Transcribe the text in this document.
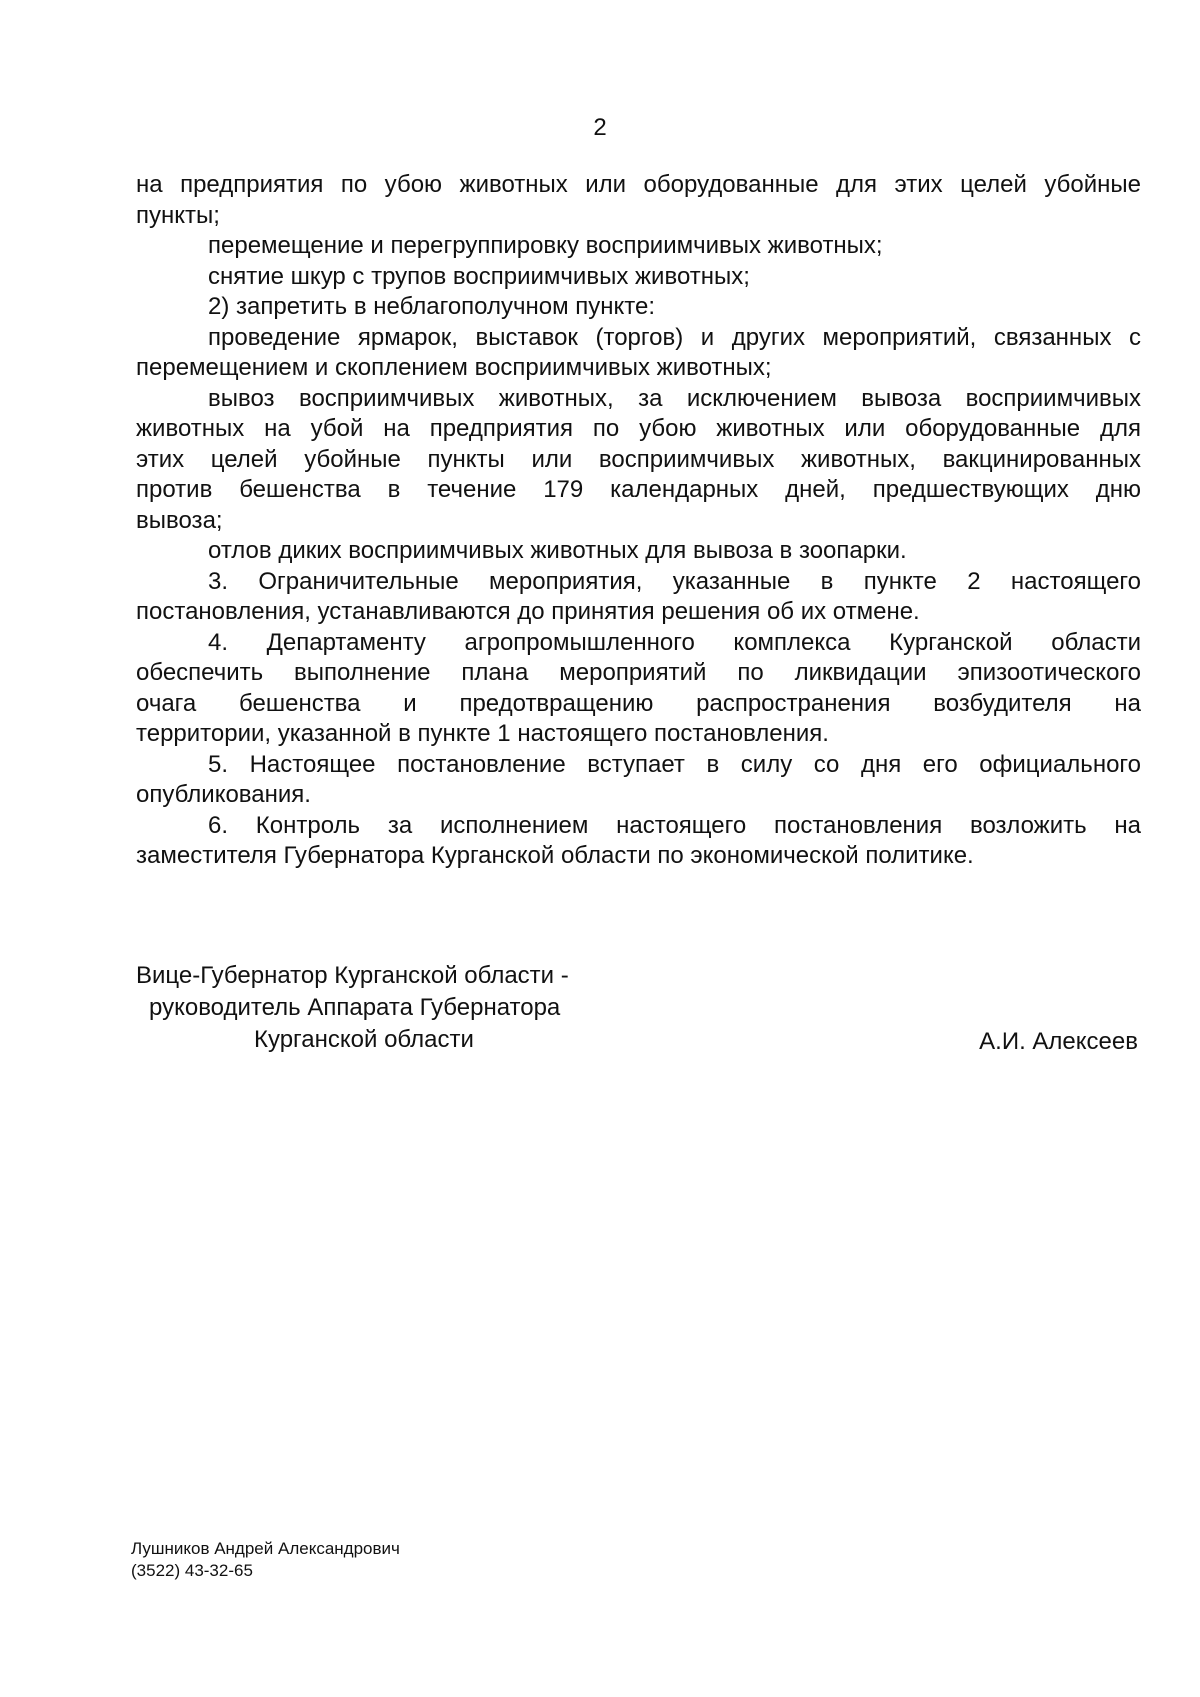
2
на предприятия по убою животных или оборудованные для этих целей убойные
пункты;
перемещение и перегруппировку восприимчивых животных;
снятие шкур с трупов восприимчивых животных;
2) запретить в неблагополучном пункте:
проведение ярмарок, выставок (торгов) и других мероприятий, связанных с
перемещением и скоплением восприимчивых животных;
вывоз восприимчивых животных, за исключением вывоза восприимчивых
животных на убой на предприятия по убою животных или оборудованные для
этих целей убойные пункты или восприимчивых животных, вакцинированных
против бешенства в течение 179 календарных дней, предшествующих дню
вывоза;
отлов диких восприимчивых животных для вывоза в зоопарки.
3. Ограничительные мероприятия, указанные в пункте 2 настоящего
постановления, устанавливаются до принятия решения об их отмене.
4. Департаменту агропромышленного комплекса Курганской области
обеспечить выполнение плана мероприятий по ликвидации эпизоотического
очага бешенства и предотвращению распространения возбудителя на
территории, указанной в пункте 1 настоящего постановления.
5. Настоящее постановление вступает в силу со дня его официального
опубликования.
6. Контроль за исполнением настоящего постановления возложить на
заместителя Губернатора Курганской области по экономической политике.
Вице-Губернатор Курганской области -
руководитель Аппарата Губернатора
Курганской области	А.И. Алексеев
Лушников Андрей Александрович
(3522) 43-32-65
